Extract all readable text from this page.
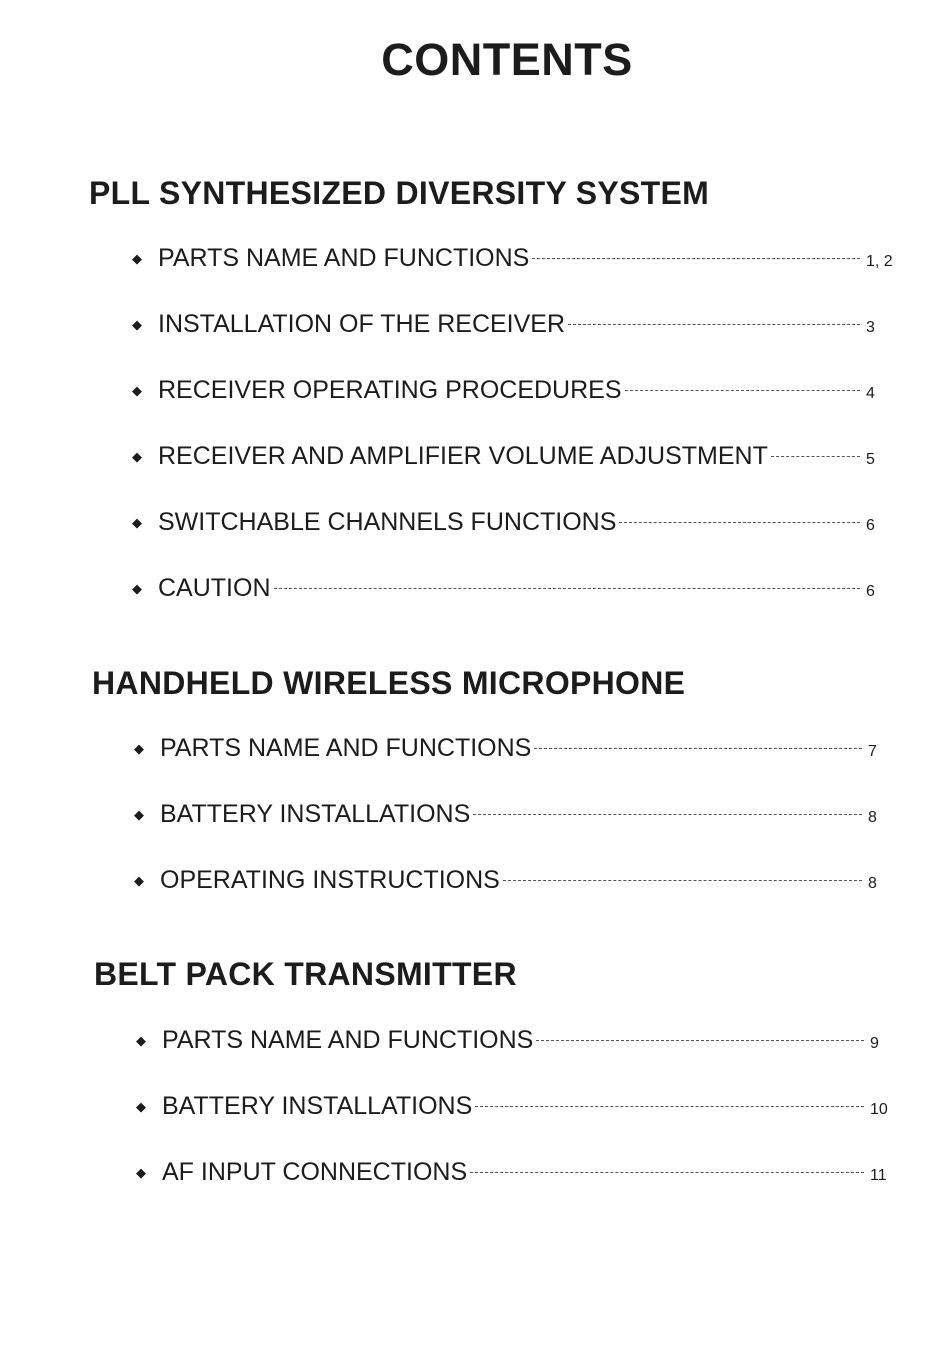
CONTENTS
PLL SYNTHESIZED DIVERSITY SYSTEM
◆ PARTS NAME AND FUNCTIONS	1, 2
◆ INSTALLATION OF THE RECEIVER	3
◆ RECEIVER OPERATING PROCEDURES	4
◆ RECEIVER AND AMPLIFIER VOLUME ADJUSTMENT	5
◆ SWITCHABLE CHANNELS FUNCTIONS	6
◆ CAUTION	6
HANDHELD WIRELESS MICROPHONE
◆ PARTS NAME AND FUNCTIONS	7
◆ BATTERY INSTALLATIONS	8
◆ OPERATING INSTRUCTIONS	8
BELT PACK TRANSMITTER
◆ PARTS NAME AND FUNCTIONS	9
◆ BATTERY INSTALLATIONS	10
◆ AF INPUT CONNECTIONS	11
